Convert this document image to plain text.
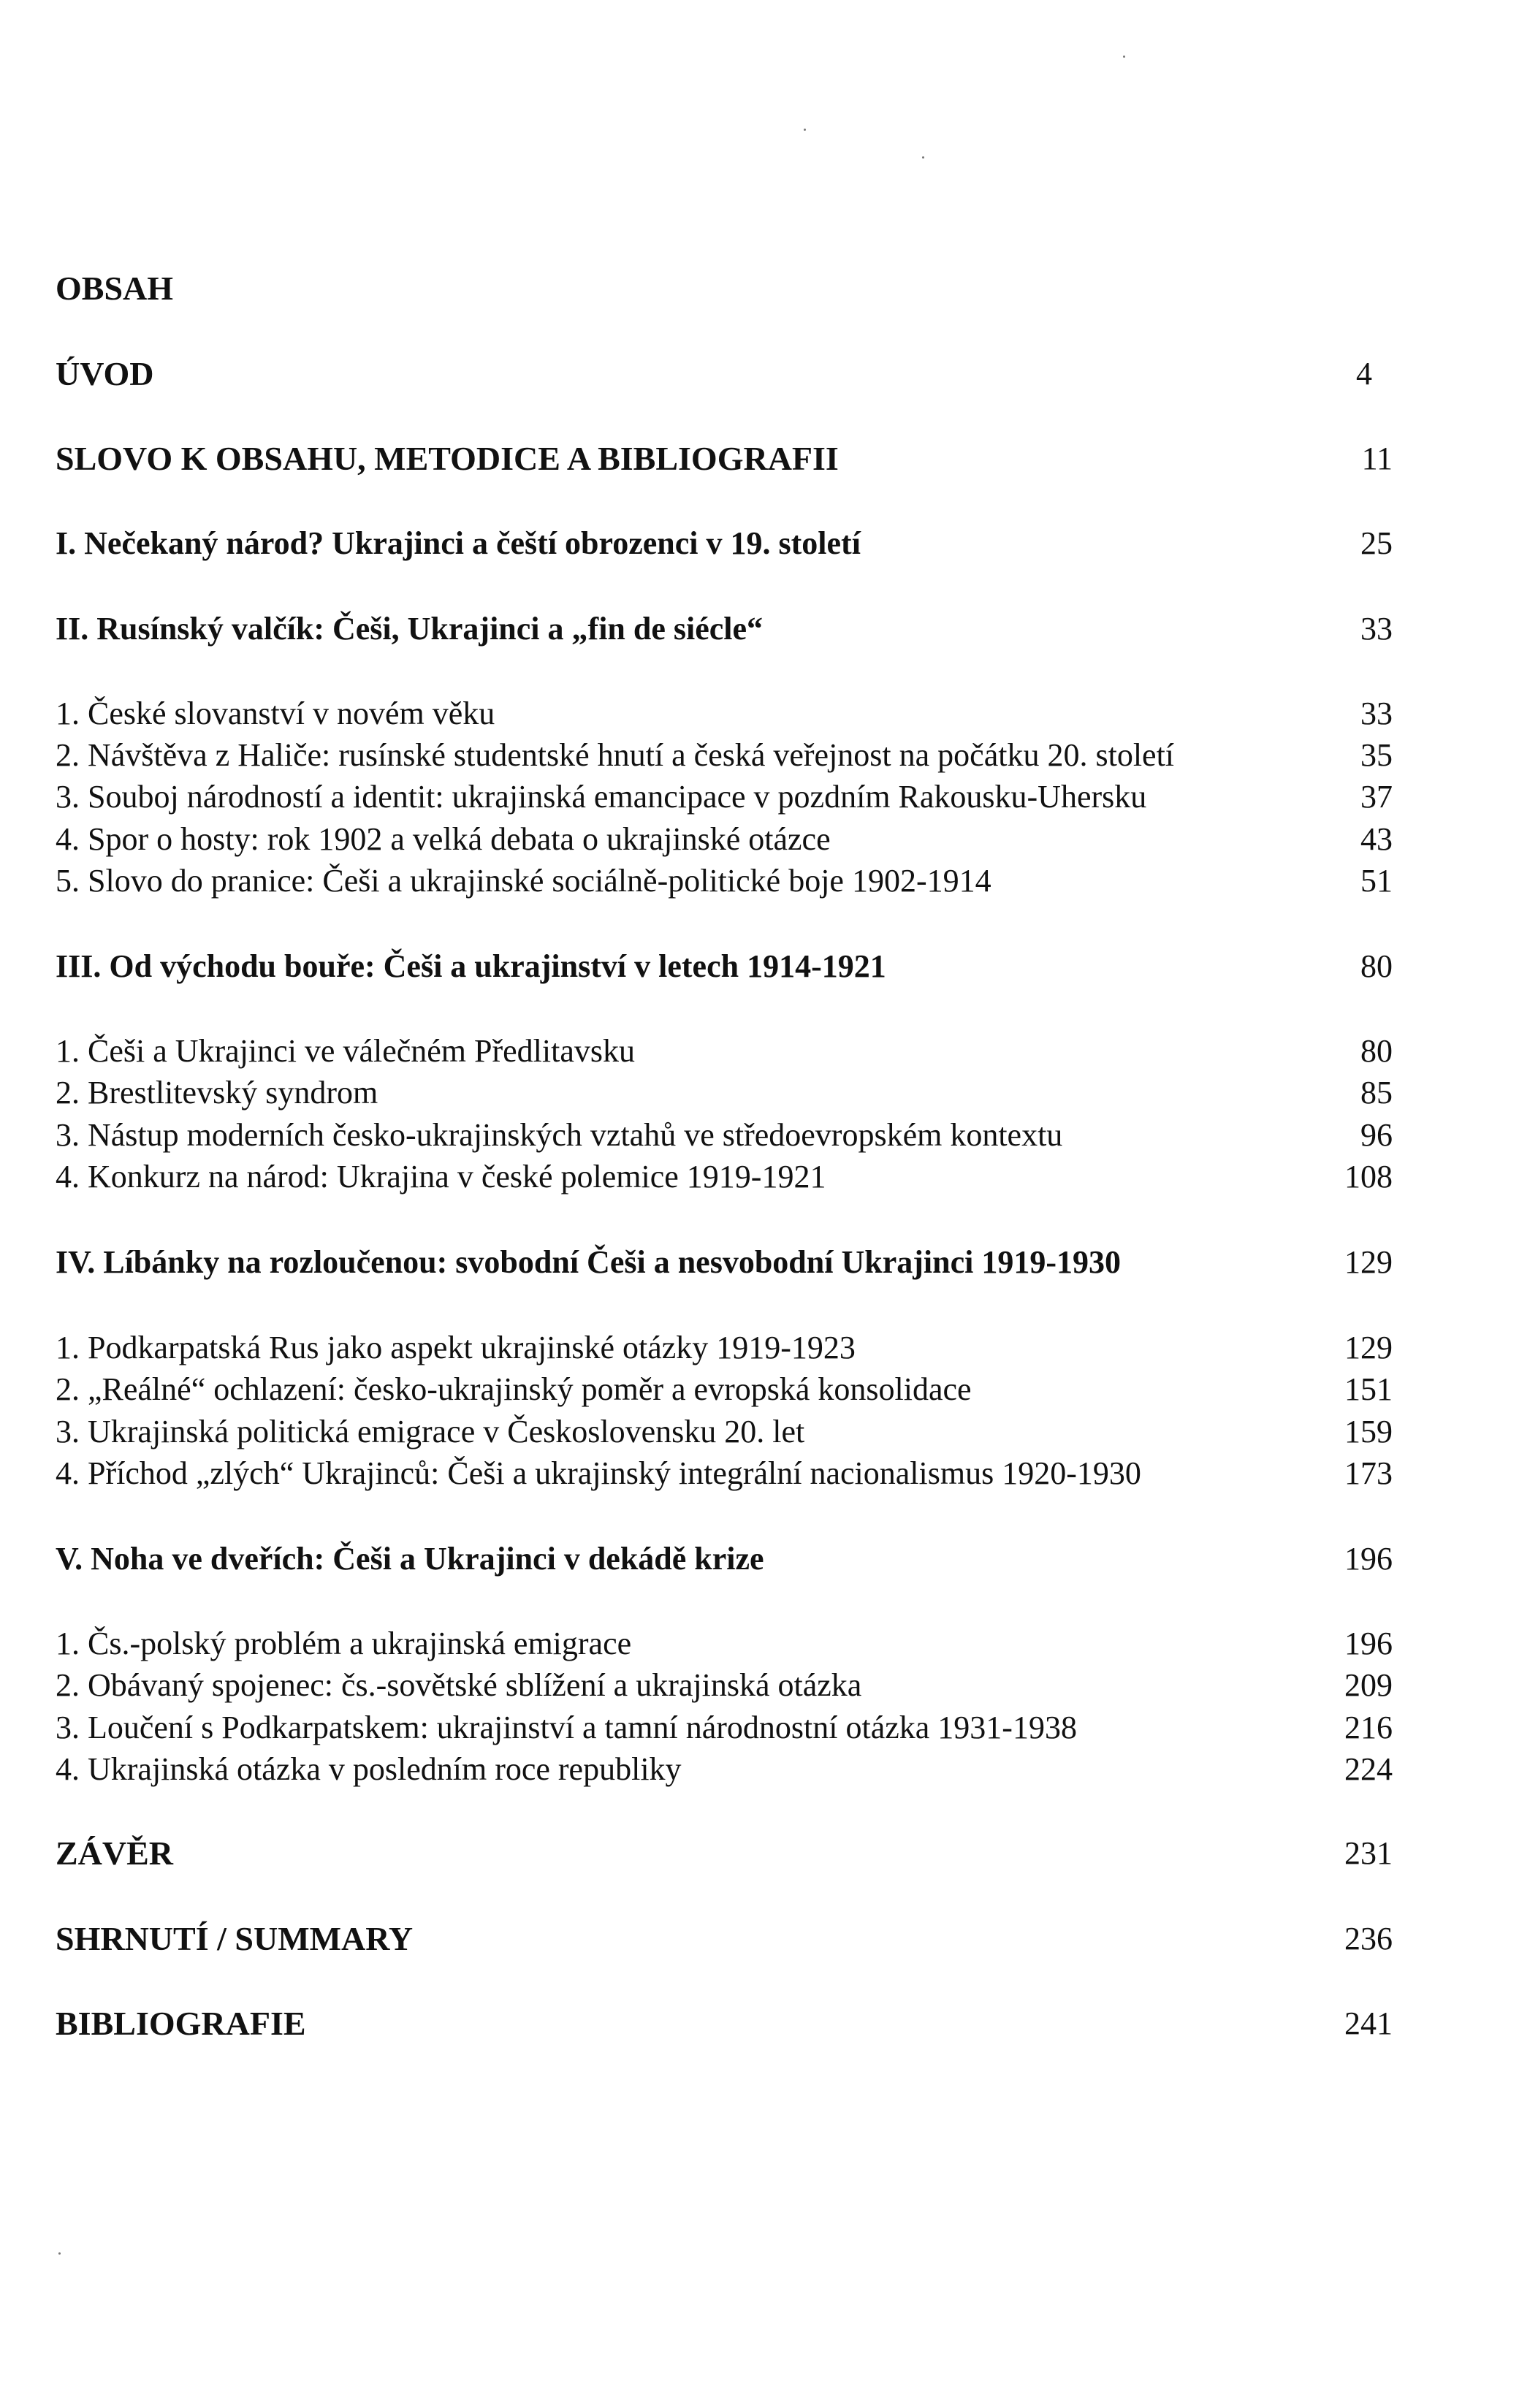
OBSAH
ÚVOD	4
SLOVO K OBSAHU, METODICE A BIBLIOGRAFII	11
I. Nečekaný národ? Ukrajinci a čeští obrozenci v 19. století	25
II. Rusínský valčík: Češi, Ukrajinci a „fin de siécle“	33
1. České slovanství v novém věku	33
2. Návštěva z Haliče: rusínské studentské hnutí a česká veřejnost na počátku 20. století	35
3. Souboj národností a identit: ukrajinská emancipace v pozdním Rakousku-Uhersku	37
4. Spor o hosty: rok 1902 a velká debata o ukrajinské otázce	43
5. Slovo do pranice: Češi a ukrajinské sociálně-politické boje 1902-1914	51
III. Od východu bouře: Češi a ukrajinství v letech 1914-1921	80
1. Češi a Ukrajinci ve válečném Předlitavsku	80
2. Brestlitevský syndrom	85
3. Nástup moderních česko-ukrajinských vztahů ve středoevropském kontextu	96
4. Konkurz na národ: Ukrajina v české polemice 1919-1921	108
IV. Líbánky na rozloučenou: svobodní Češi a nesvobodní Ukrajinci 1919-1930	129
1. Podkarpatská Rus jako aspekt ukrajinské otázky 1919-1923	129
2. „Reálné“ ochlazení: česko-ukrajinský poměr a evropská konsolidace	151
3. Ukrajinská politická emigrace v Československu 20. let	159
4. Příchod „zlých“ Ukrajinců: Češi a ukrajinský integrální nacionalismus 1920-1930	173
V. Noha ve dveřích: Češi a Ukrajinci v dekádě krize	196
1. Čs.-polský problém a ukrajinská emigrace	196
2. Obávaný spojenec: čs.-sovětské sblížení a ukrajinská otázka	209
3. Loučení s Podkarpatskem: ukrajinství a tamní národnostní otázka 1931-1938	216
4. Ukrajinská otázka v posledním roce republiky	224
ZÁVĚR	231
SHRNUTÍ / SUMMARY	236
BIBLIOGRAFIE	241
